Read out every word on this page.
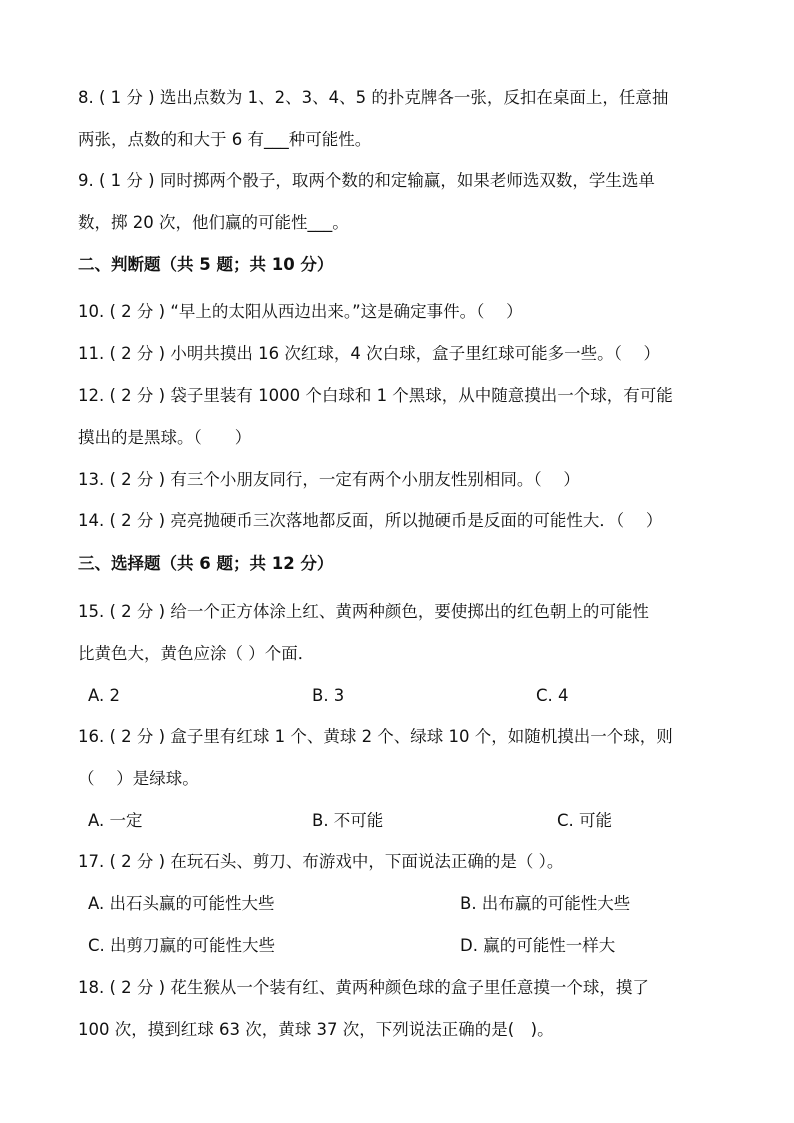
8. ( 1 分 ) 选出点数为 1、2、3、4、5 的扑克牌各一张，反扣在桌面上，任意抽
两张，点数的和大于 6 有___种可能性。
9. ( 1 分 ) 同时掷两个骰子，取两个数的和定输赢，如果老师选双数，学生选单
数，掷 20 次，他们赢的可能性___。
二、判断题（共 5 题；共 10 分）
10. ( 2 分 ) “早上的太阳从西边出来。”这是确定事件。（　 ）
11. ( 2 分 ) 小明共摸出 16 次红球，4 次白球，盒子里红球可能多一些。（　 ）
12. ( 2 分 ) 袋子里装有 1000 个白球和 1 个黑球，从中随意摸出一个球，有可能
摸出的是黑球。（　　）
13. ( 2 分 ) 有三个小朋友同行，一定有两个小朋友性别相同。（　 ）
14. ( 2 分 ) 亮亮抛硬币三次落地都反面，所以抛硬币是反面的可能性大．（　 ）
三、选择题（共 6 题；共 12 分）
15. ( 2 分 ) 给一个正方体涂上红、黄两种颜色，要使掷出的红色朝上的可能性
比黄色大，黄色应涂（ ）个面．
A. 2	B. 3	C. 4
16. ( 2 分 ) 盒子里有红球 1 个、黄球 2 个、绿球 10 个，如随机摸出一个球，则
（　 ）是绿球。
A. 一定	B. 不可能	C. 可能
17. ( 2 分 ) 在玩石头、剪刀、布游戏中，下面说法正确的是（ ）。
A. 出石头赢的可能性大些	B. 出布赢的可能性大些
C. 出剪刀赢的可能性大些	D. 赢的可能性一样大
18. ( 2 分 ) 花生猴从一个装有红、黄两种颜色球的盒子里任意摸一个球，摸了
100 次，摸到红球 63 次，黄球 37 次，下列说法正确的是(　)。
